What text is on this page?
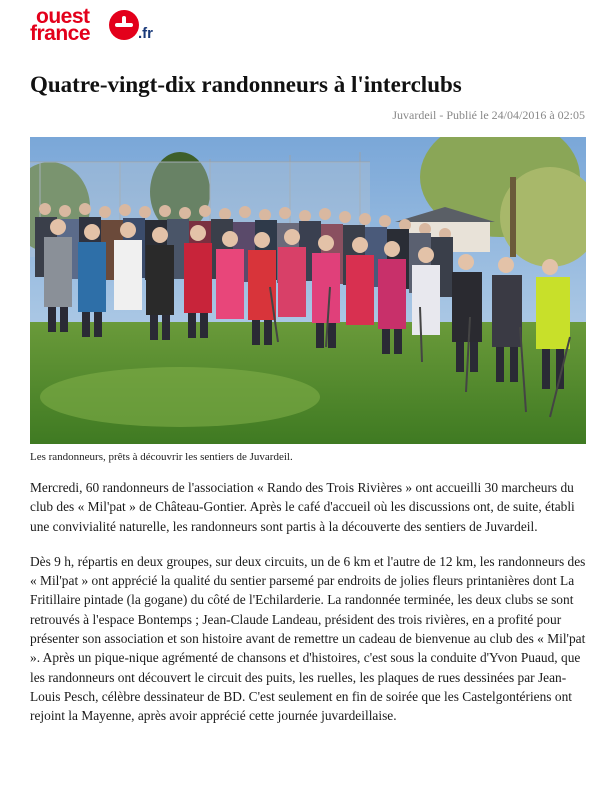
ouest
france	.fr
Quatre-vingt-dix randonneurs à l'interclubs
Juvardeil - Publié le 24/04/2016 à 02:05
Les randonneurs, prêts à découvrir les sentiers de Juvardeil.

Mercredi, 60 randonneurs de l'association « Rando des Trois Rivières » ont accueilli 30 marcheurs du club des « Mil'pat » de Château-Gontier. Après le café d'accueil où les discussions ont, de suite, établi une convivialité naturelle, les randonneurs sont partis à la découverte des sentiers de Juvardeil.

Dès 9 h, répartis en deux groupes, sur deux circuits, un de 6 km et l'autre de 12 km, les randonneurs des « Mil'pat » ont apprécié la qualité du sentier parsemé par endroits de jolies fleurs printanières dont La Fritillaire pintade (la gogane) du côté de l'Echilarderie. La randonnée terminée, les deux clubs se sont retrouvés à l'espace Bontemps ; Jean-Claude Landeau, président des trois rivières, en a profité pour présenter son association et son histoire avant de remettre un cadeau de bienvenue au club des « Mil'pat ». Après un pique-nique agrémenté de chansons et d'histoires, c'est sous la conduite d'Yvon Puaud, que les randonneurs ont découvert le circuit des puits, les ruelles, les plaques de rues dessinées par Jean-Louis Pesch, célèbre dessinateur de BD. C'est seulement en fin de soirée que les Castelgontériens ont rejoint la Mayenne, après avoir apprécié cette journée juvardeillaise.
